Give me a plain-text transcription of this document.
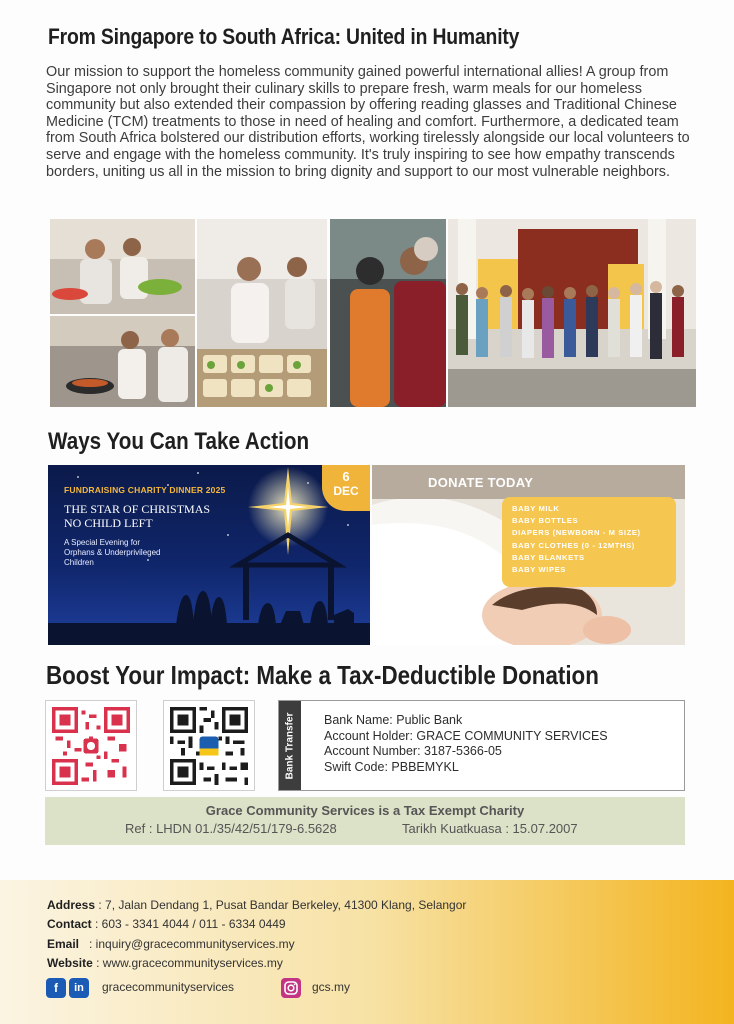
From Singapore to South Africa: United in Humanity

Our mission to support the homeless community gained powerful international allies! A group from Singapore not only brought their culinary skills to prepare fresh, warm meals for our homeless community but also extended their compassion by offering reading glasses and Traditional Chinese Medicine (TCM) treatments to those in need of healing and comfort. Furthermore, a dedicated team from South Africa bolstered our distribution efforts, working tirelessly alongside our local volunteers to serve and engage with the homeless community. It's truly inspiring to see how empathy transcends borders, uniting us all in the mission to bring dignity and support to our most vulnerable neighbors.

Ways You Can Take Action
FUNDRAISING CHARITY DINNER 2025
THE STAR OF CHRISTMAS
NO CHILD LEFT
A Special Evening for
Orphans & Underprivileged
Children
6
DEC
DONATE TODAY
BABY MILK
BABY BOTTLES
DIAPERS (NEWBORN - M SIZE)
BABY CLOTHES (0 - 12MTHS)
BABY BLANKETS
BABY WIPES
Boost Your Impact: Make a Tax-Deductible Donation
Bank Transfer Bank Name: Public Bank
Account Holder: GRACE COMMUNITY SERVICES
Account Number: 3187-5366-05
Swift Code: PBBEMYKL
Grace Community Services is a Tax Exempt Charity
Ref : LHDN 01./35/42/51/179-6.5628	Tarikh Kuatkuasa : 15.07.2007
Address : 7, Jalan Dendang 1, Pusat Bandar Berkeley, 41300 Klang, Selangor
Contact : 603 - 3341 4044 / 011 - 6334 0449
Email   : inquiry@gracecommunityservices.my
Website : www.gracecommunityservices.my
f	in	gracecommunityservices	gcs.my
